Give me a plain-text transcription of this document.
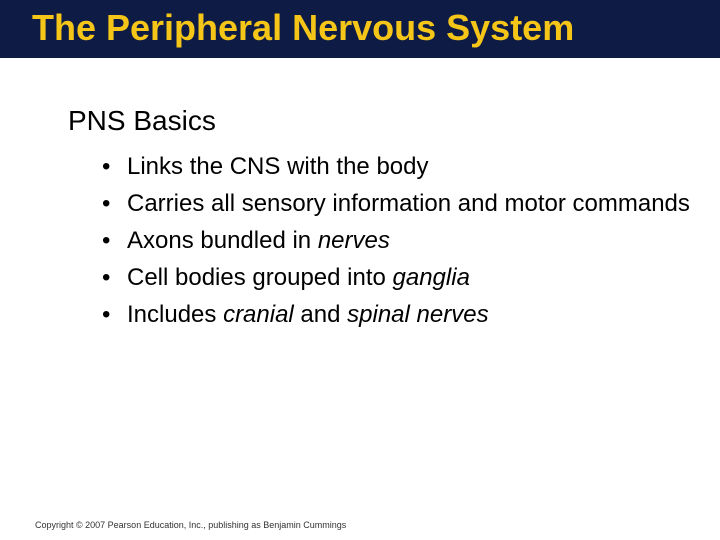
The Peripheral Nervous System
PNS Basics
• Links the CNS with the body
• Carries all sensory information and motor commands
• Axons bundled in nerves
• Cell bodies grouped into ganglia
• Includes cranial and spinal nerves
Copyright © 2007 Pearson Education, Inc., publishing as Benjamin Cummings
